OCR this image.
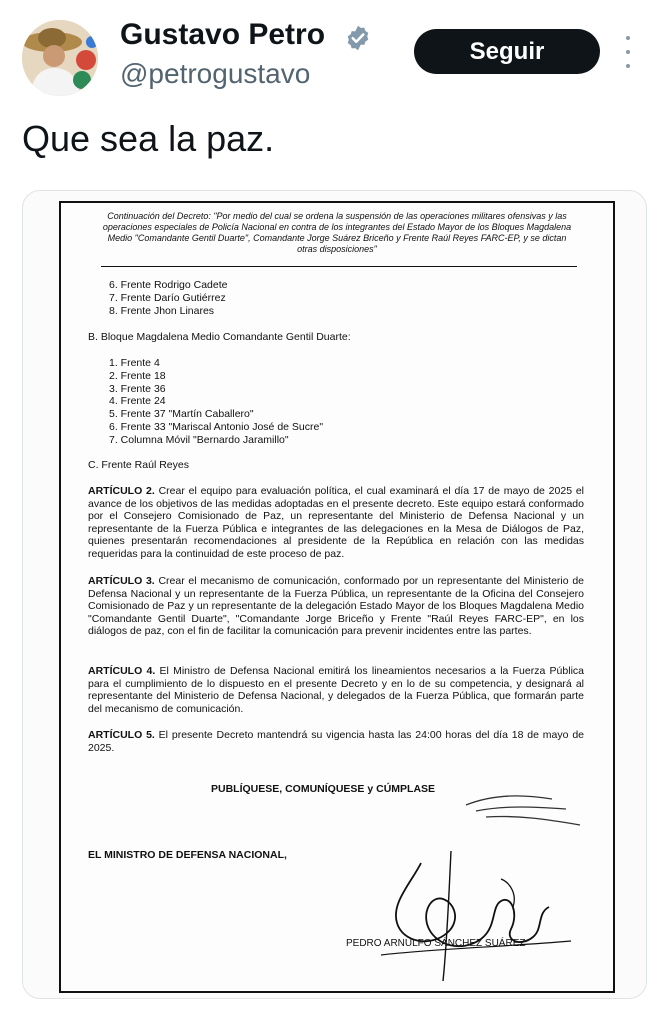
Gustavo Petro
@petrogustavo
Seguir
Que sea la paz.
Continuación del Decreto: "Por medio del cual se ordena la suspensión de las operaciones militares ofensivas y las operaciones especiales de Policía Nacional en contra de los integrantes del Estado Mayor de los Bloques Magdalena Medio "Comandante Gentil Duarte", Comandante Jorge Suárez Briceño y Frente Raúl Reyes FARC-EP, y se dictan otras disposiciones"
6. Frente Rodrigo Cadete
7. Frente Darío Gutiérrez
8. Frente Jhon Linares
B. Bloque Magdalena Medio Comandante Gentil Duarte:
1. Frente 4
2. Frente 18
3. Frente 36
4. Frente 24
5. Frente 37 "Martín Caballero"
6. Frente 33 "Mariscal Antonio José de Sucre"
7. Columna Móvil "Bernardo Jaramillo"
C. Frente Raúl Reyes
ARTÍCULO 2. Crear el equipo para evaluación política, el cual examinará el día 17 de mayo de 2025 el avance de los objetivos de las medidas adoptadas en el presente decreto. Este equipo estará conformado por el Consejero Comisionado de Paz, un representante del Ministerio de Defensa Nacional y un representante de la Fuerza Pública e integrantes de las delegaciones en la Mesa de Diálogos de Paz, quienes presentarán recomendaciones al presidente de la República en relación con las medidas requeridas para la continuidad de este proceso de paz.
ARTÍCULO 3. Crear el mecanismo de comunicación, conformado por un representante del Ministerio de Defensa Nacional y un representante de la Fuerza Pública, un representante de la Oficina del Consejero Comisionado de Paz y un representante de la delegación Estado Mayor de los Bloques Magdalena Medio "Comandante Gentil Duarte", "Comandante Jorge Briceño y Frente "Raúl Reyes FARC-EP", en los diálogos de paz, con el fin de facilitar la comunicación para prevenir incidentes entre las partes.
ARTÍCULO 4. El Ministro de Defensa Nacional emitirá los lineamientos necesarios a la Fuerza Pública para el cumplimiento de lo dispuesto en el presente Decreto y en lo de su competencia, y designará al representante del Ministerio de Defensa Nacional, y delegados de la Fuerza Pública, que formarán parte del mecanismo de comunicación.
ARTÍCULO 5. El presente Decreto mantendrá su vigencia hasta las 24:00 horas del día 18 de mayo de 2025.
PUBLÍQUESE, COMUNÍQUESE y CÚMPLASE
EL MINISTRO DE DEFENSA NACIONAL,
PEDRO ARNULFO SÁNCHEZ SUÁREZ
